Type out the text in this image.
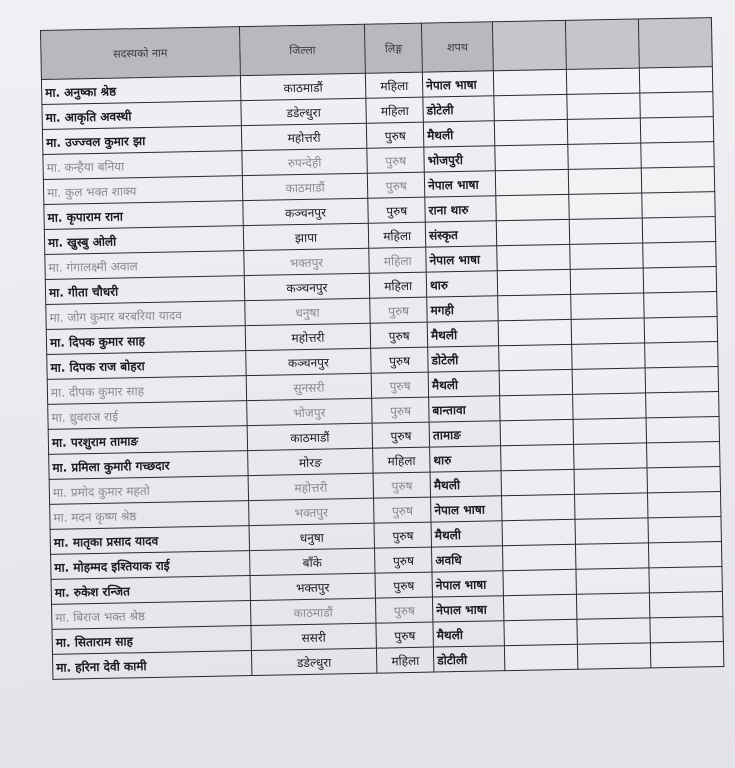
सदस्यको नाम	जिल्ला	लिङ्ग	शपथ			
मा. अनुष्का श्रेष्ठ	काठमाडौं	महिला	नेपाल भाषा			
मा. आकृति अवस्थी	डडेल्धुरा	महिला	डोटेली			
मा. उज्ज्वल कुमार झा	महोत्तरी	पुरुष	मैथली			
मा. कन्हैया बनिया	रुपन्देही	पुरुष	भोजपुरी			
मा. कुल भक्त शाक्य	काठमाडौं	पुरुष	नेपाल भाषा			
मा. कृपाराम राना	कञ्चनपुर	पुरुष	राना थारु			
मा. खुस्बु ओली	झापा	महिला	संस्कृत			
मा. गंगालक्ष्मी अवाल	भक्तपुर	महिला	नेपाल भाषा			
मा. गीता चौधरी	कञ्चनपुर	महिला	थारु			
मा. जोग कुमार बरबरिया यादव	धनुषा	पुरुष	मगही			
मा. दिपक कुमार साह	महोत्तरी	पुरुष	मैथली			
मा. दिपक राज बोहरा	कञ्चनपुर	पुरुष	डोटेली			
मा. दीपक कुमार साह	सुनसरी	पुरुष	मैथली			
मा. ध्रुवराज राई	भोजपुर	पुरुष	बान्तावा			
मा. परशुराम तामाङ	काठमाडौं	पुरुष	तामाङ			
मा. प्रमिला कुमारी गच्छदार	मोरङ	महिला	थारु			
मा. प्रमोद कुमार महतो	महोत्तरी	पुरुष	मैथली			
मा. मदन कृष्ण श्रेष्ठ	भक्तपुर	पुरुष	नेपाल भाषा			
मा. मातृका प्रसाद यादव	धनुषा	पुरुष	मैथली			
मा. मोहम्मद इश्तियाक राई	बाँके	पुरुष	अवधि			
मा. रुकेश रन्जित	भक्तपुर	पुरुष	नेपाल भाषा			
मा. बिराज भक्त श्रेष्ठ	काठमाडौं	पुरुष	नेपाल भाषा			
मा. सिताराम साह	ससरी	पुरुष	मैथली			
मा. हरिना देवी कामी	डडेल्धुरा	महिला	डोटीली			
